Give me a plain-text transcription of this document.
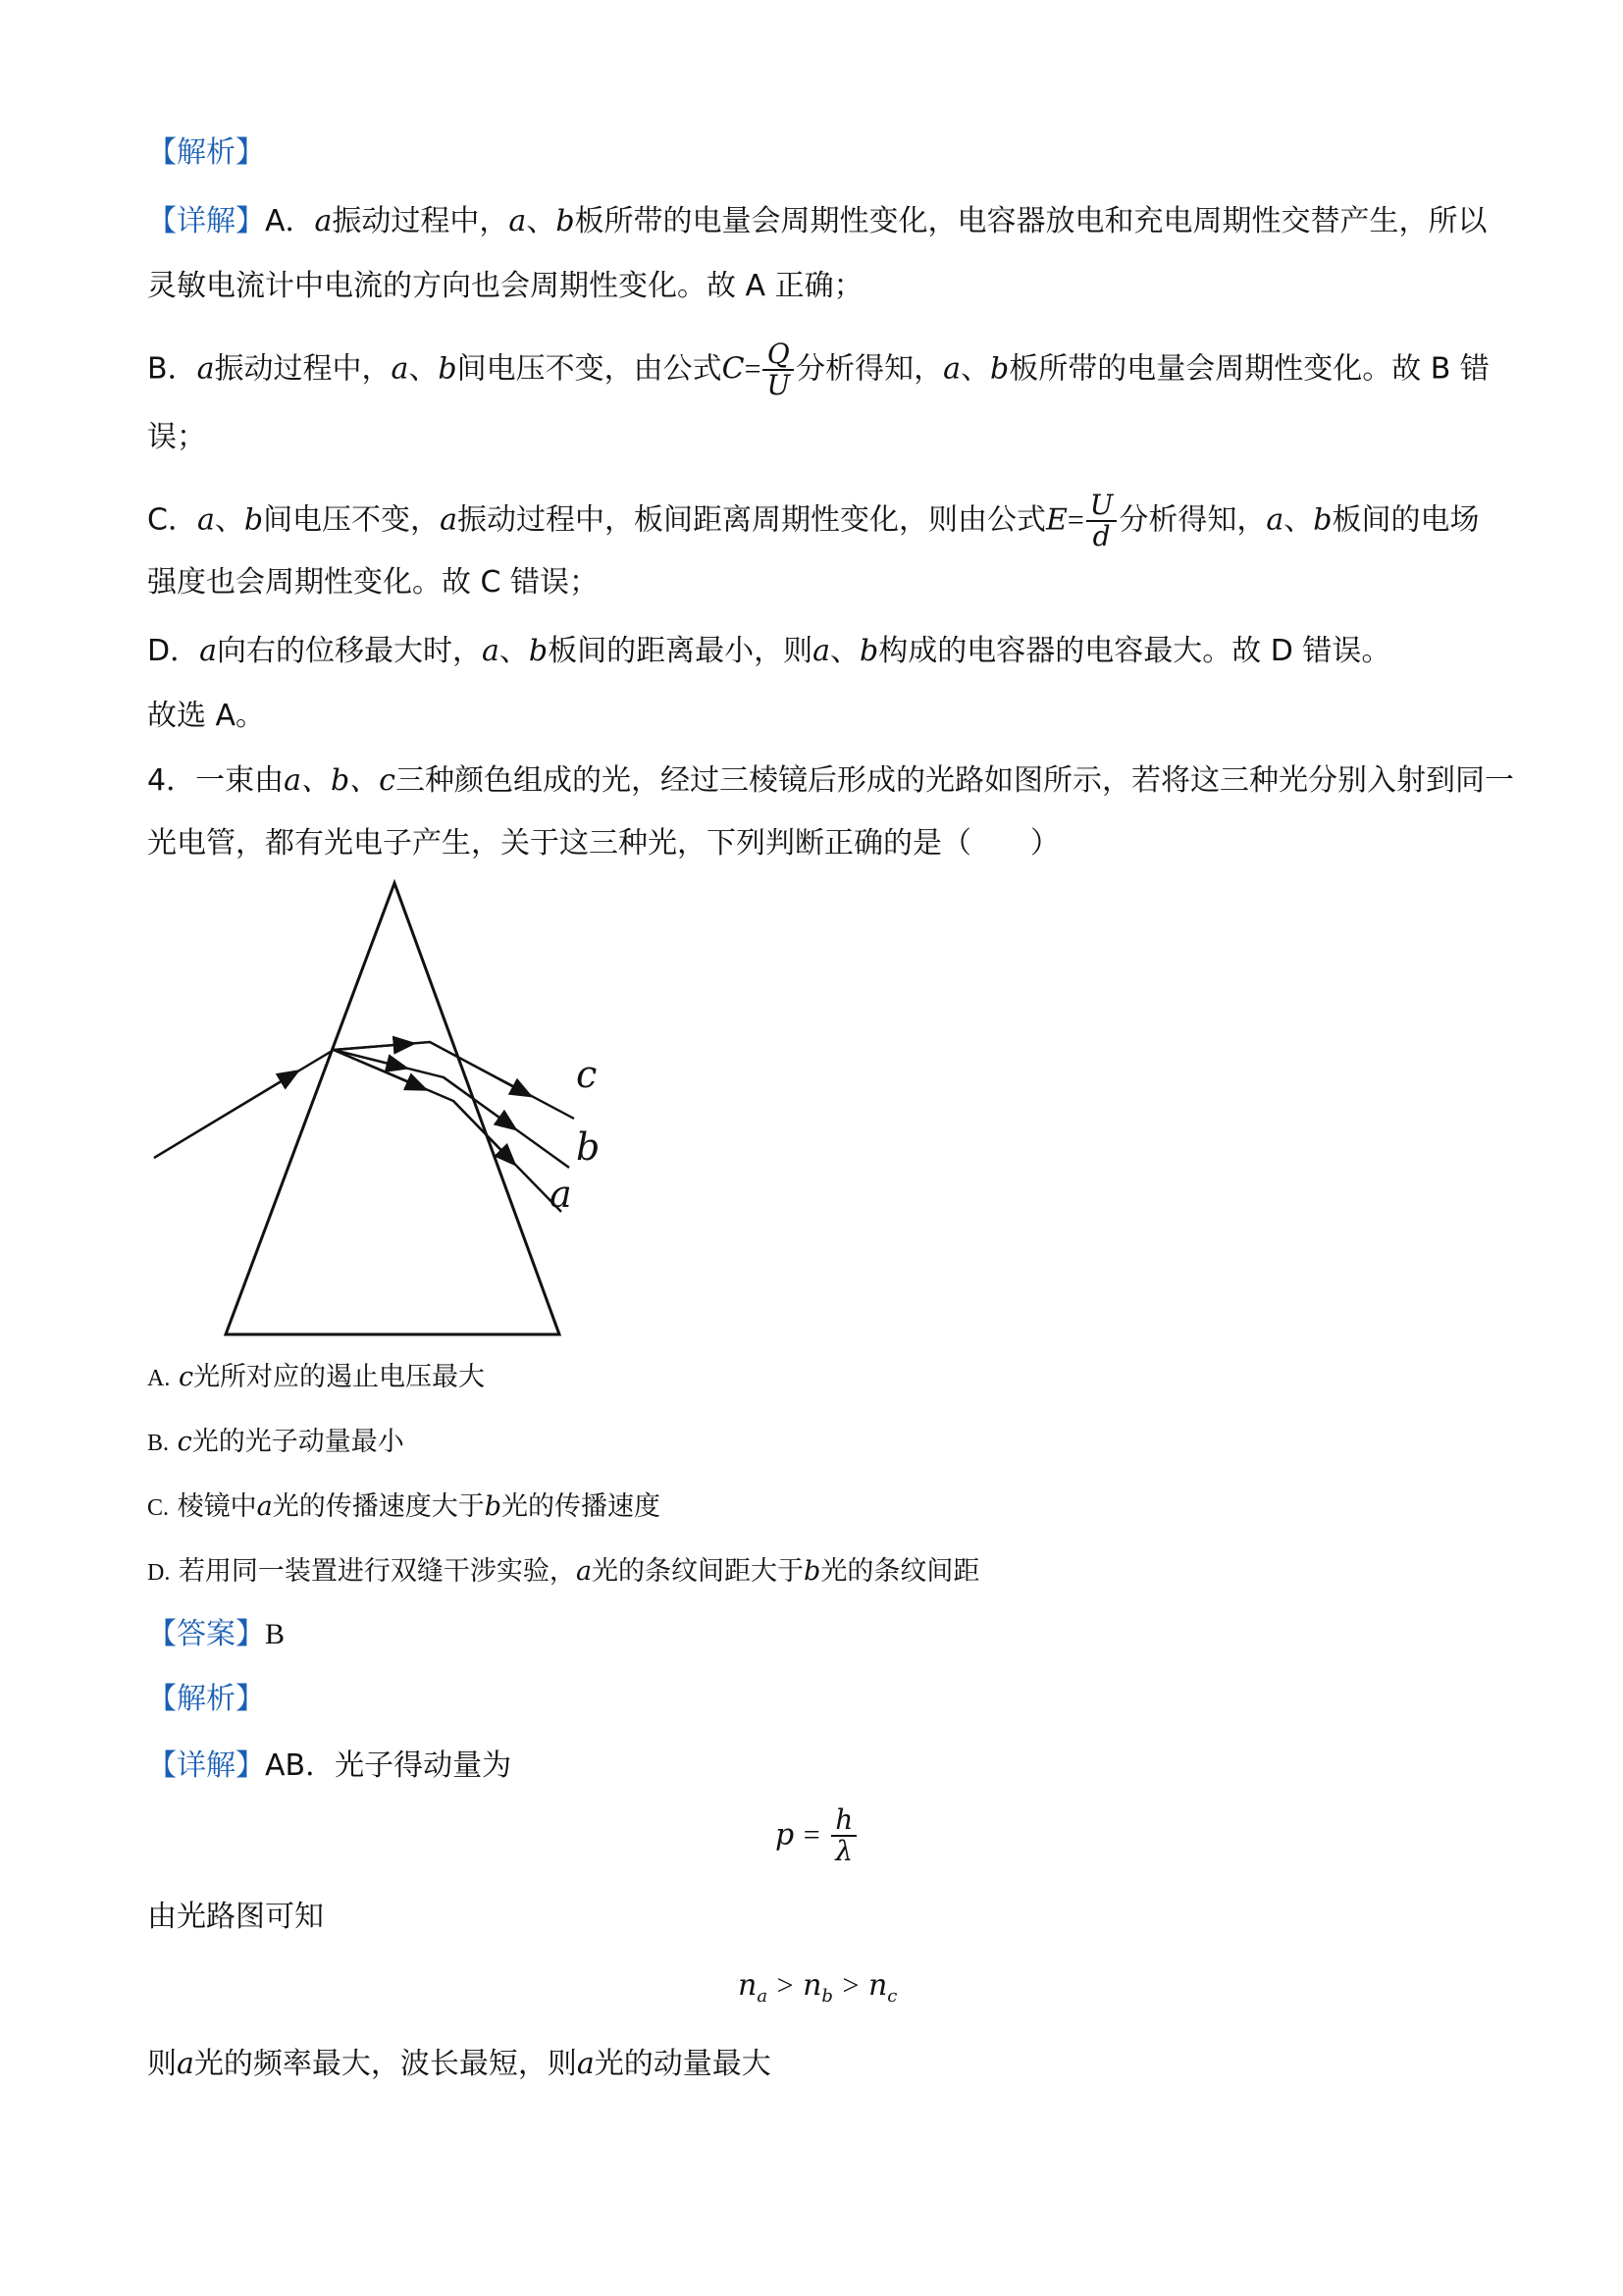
【解析】
【详解】A．a振动过程中，a、b板所带的电量会周期性变化，电容器放电和充电周期性交替产生，所以
灵敏电流计中电流的方向也会周期性变化。故 A 正确；
B．a振动过程中，a、b间电压不变，由公式$C= \frac{Q}{U}$ 分析得知，a、b板所带的电量会周期性变化。故 B 错
误；
C．a、b间电压不变，a振动过程中，板间距离周期性变化，则由公式$E= \frac{U}{d}$ 分析得知，a、b板间的电场
强度也会周期性变化。故 C 错误；
D．a向右的位移最大时，a、b板间的距离最小，则a、b构成的电容器的电容最大。故 D 错误。
故选 A。
4．一束由a、b、c三种颜色组成的光，经过三棱镜后形成的光路如图所示，若将这三种光分别入射到同一
光电管，都有光电子产生，关于这三种光，下列判断正确的是（　　）
c
b
a
A. c光所对应的遏止电压最大
B. c光的光子动量最小
C. 棱镜中a光的传播速度大于b光的传播速度
D. 若用同一装置进行双缝干涉实验，a光的条纹间距大于b光的条纹间距
【答案】B
【解析】
【详解】AB．光子得动量为
$p = \frac{h}{\lambda}$
由光路图可知
$n_a > n_b > n_c$
则a光的频率最大，波长最短，则a光的动量最大
